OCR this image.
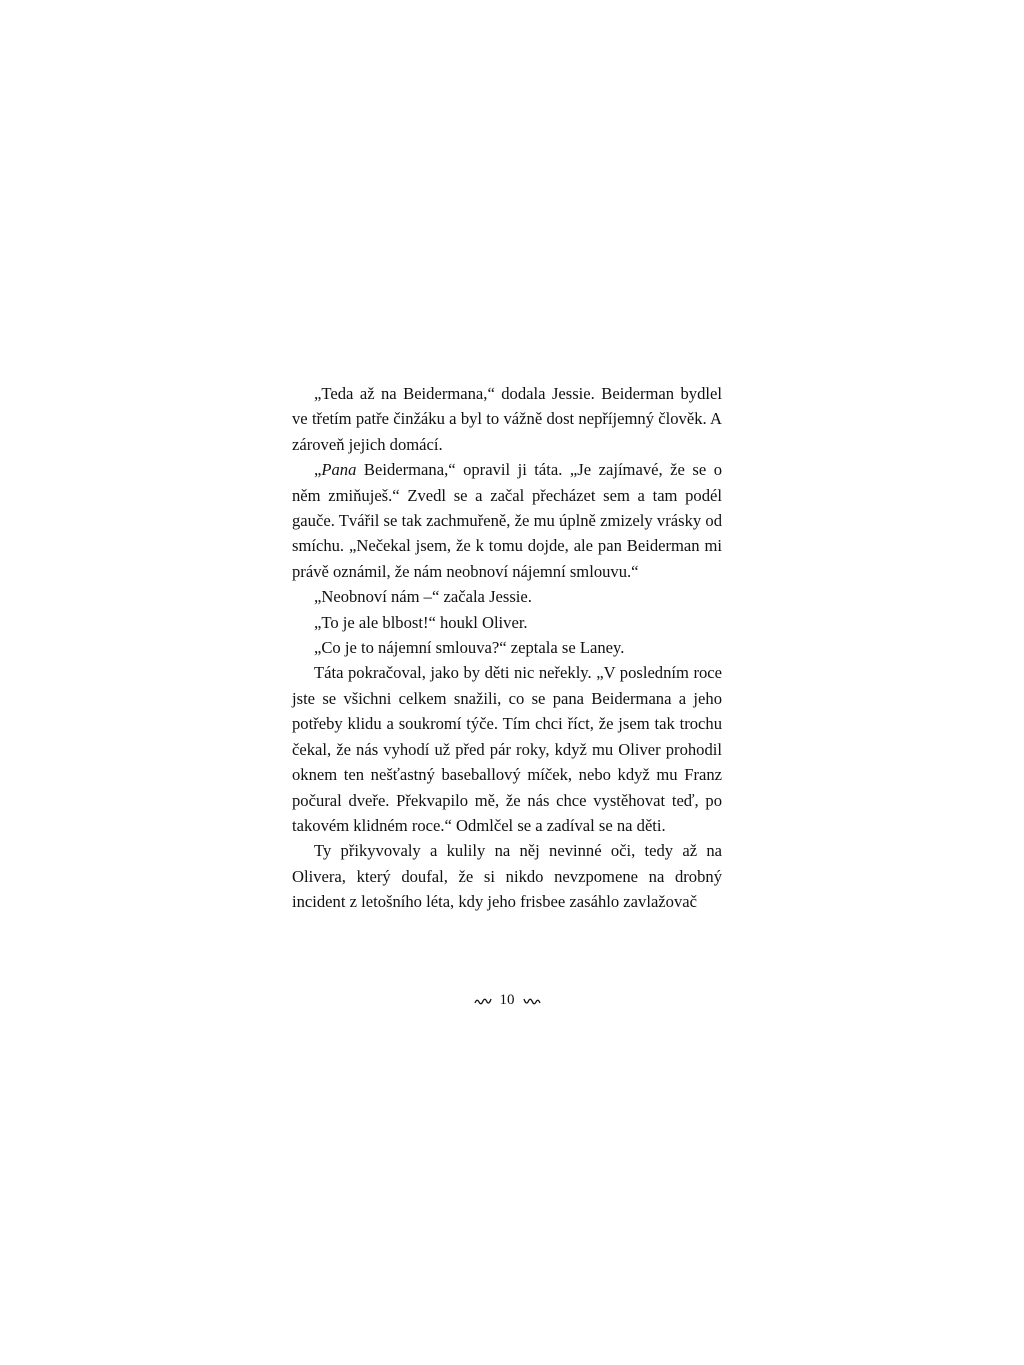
„Teda až na Beidermana,“ dodala Jessie. Beiderman bydlel ve třetím patře činžáku a byl to vážně dost nepříjemný člověk. A zároveň jejich domácí.

„Pana Beidermana,“ opravil ji táta. „Je zajímavé, že se o něm zmiňuješ.“ Zvedl se a začal přecházet sem a tam podél gauče. Tvářil se tak zachmuřeně, že mu úplně zmizely vrásky od smíchu. „Nečekal jsem, že k tomu dojde, ale pan Beiderman mi právě oznámil, že nám neobnoví nájemní smlouvu.“

„Neobnoví nám –“ začala Jessie.

„To je ale blbost!“ houkl Oliver.

„Co je to nájemní smlouva?“ zeptala se Laney.

Táta pokračoval, jako by děti nic neřekly. „V posledním roce jste se všichni celkem snažili, co se pana Beidermana a jeho potřeby klidu a soukromí týče. Tím chci říct, že jsem tak trochu čekal, že nás vyhodí už před pár roky, když mu Oliver prohodil oknem ten nešťastný baseballový míček, nebo když mu Franz počural dveře. Překvapilo mě, že nás chce vystěhovat teď, po takovém klidném roce.“ Odmlčel se a zadíval se na děti.

Ty přikyvovaly a kulily na něj nevinné oči, tedy až na Olivera, který doufal, že si nikdo nevzpomene na drobný incident z letošního léta, kdy jeho frisbee zasáhlo zavlažovač

10
